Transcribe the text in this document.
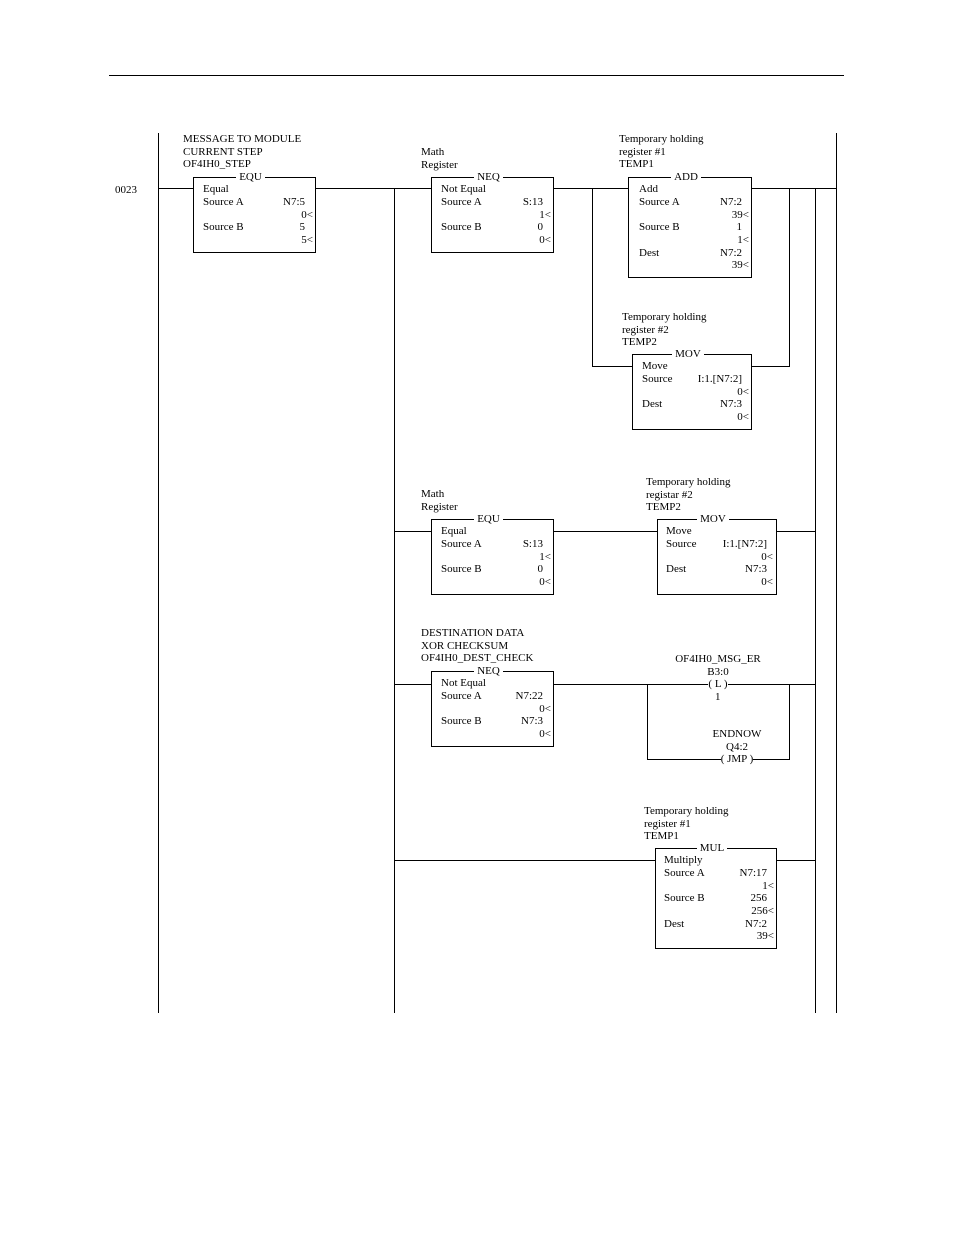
0023
MESSAGE TO MODULE
CURRENT STEP
OF4IH0_STEP
EQU
Equal
Source A	N7:5
0<
Source B	5
5<
Math
Register
NEQ
Not Equal
Source A	S:13
1<
Source B	0
0<
Temporary holding
register #1
TEMP1
ADD
Add
Source A	N7:2
39<
Source B	1
1<
Dest	N7:2
39<
Temporary holding
register #2
TEMP2
MOV
Move
Source I:1.[N7:2]
0<
Dest	N7:3
0<
Math
Register
EQU
Equal
Source A	S:13
1<
Source B	0
0<
Temporary holding
registar #2
TEMP2
MOV
Move
Source I:1.[N7:2]
0<
Dest	N7:3
0<
DESTINATION DATA
XOR CHECKSUM
OF4IH0_DEST_CHECK
NEQ
Not Equal
Source A	N7:22
0<
Source B	N7:3
0<
Temporary holding
register #1
TEMP1
MUL
Multiply
Source A	N7:17
1<
Source B	256
256<
Dest	N7:2
39<
OF4IH0_MSG_ER
B3:0
( L )
1
ENDNOW
Q4:2
( JMP )
